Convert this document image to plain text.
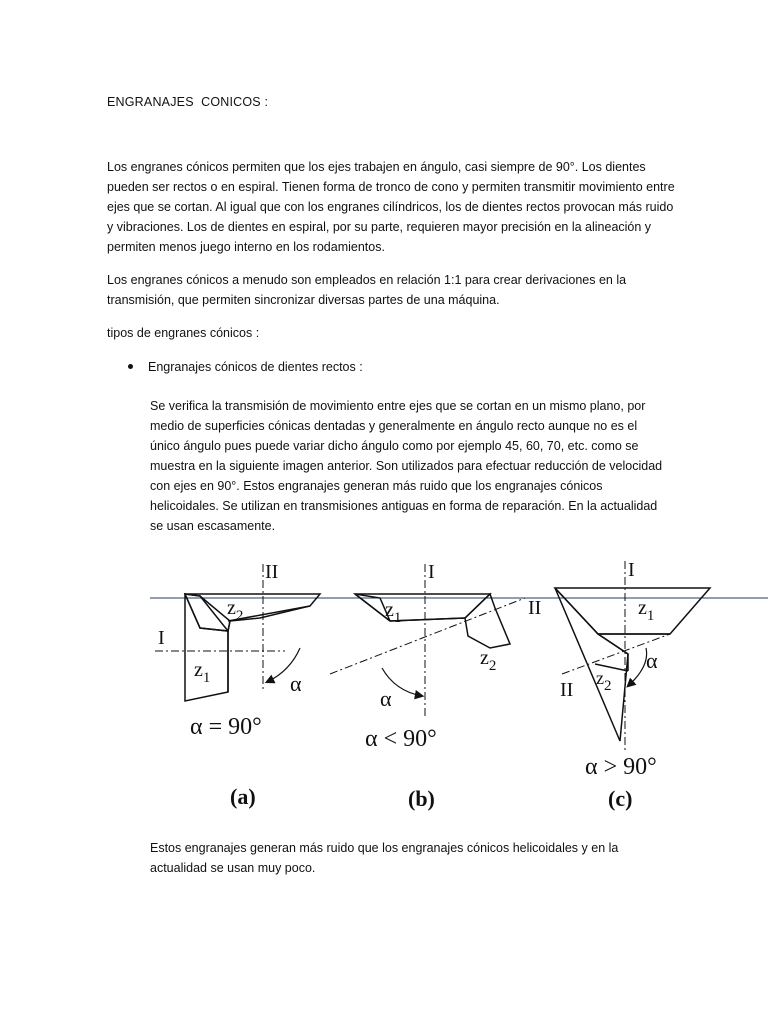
ENGRANAJES  CONICOS :

Los engranes cónicos permiten que los ejes trabajen en ángulo, casi siempre de 90°. Los dientes pueden ser rectos o en espiral. Tienen forma de tronco de cono y permiten transmitir movimiento entre ejes que se cortan. Al igual que con los engranes cilíndricos, los de dientes rectos provocan más ruido y vibraciones. Los de dientes en espiral, por su parte, requieren mayor precisión en la alineación y permiten menos juego interno en los rodamientos.

Los engranes cónicos a menudo son empleados en relación 1:1 para crear derivaciones en la transmisión, que permiten sincronizar diversas partes de una máquina.

tipos de engranes cónicos :

Engranajes cónicos de dientes rectos :

Se verifica la transmisión de movimiento entre ejes que se cortan en un mismo plano, por medio de superficies cónicas dentadas y generalmente en ángulo recto aunque no es el único ángulo pues puede variar dicho ángulo como por ejemplo 45, 60, 70, etc. como se muestra en la siguiente imagen anterior. Son utilizados para efectuar reducción de velocidad con ejes en 90°. Estos engranajes generan más ruido que los engranajes cónicos helicoidales. Se utilizan en transmisiones antiguas en forma de reparación. En la actualidad se usan escasamente.

II
I
$z_2$
$z_1$	α
α = 90°
(a)
I
II
$z_1$
$z_2$
α
α < 90°
(b)
I
II
$z_1$
$z_2$
α
α > 90°
(c)

Estos engranajes generan más ruido que los engranajes cónicos helicoidales y en la actualidad se usan muy poco.
